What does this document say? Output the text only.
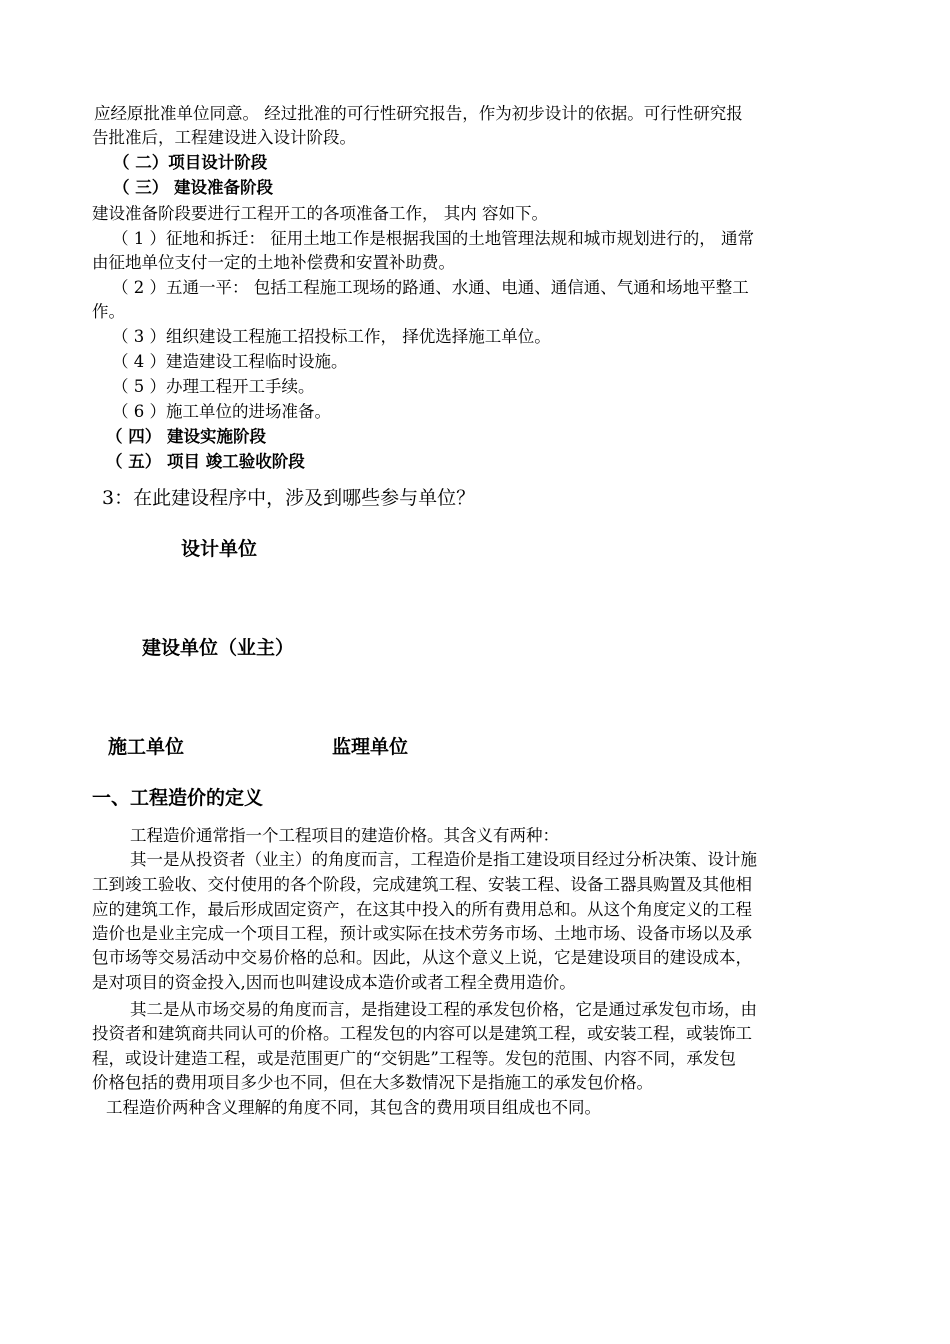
应经原批准单位同意。 经过批准的可行性研究报告，作为初步设计的依据。可行性研究报
告批准后，工程建设进入设计阶段。
（ 二）项目设计阶段
（ 三） 建设准备阶段
建设准备阶段要进行工程开工的各项准备工作， 其内 容如下。
（ 1 ）征地和拆迁： 征用土地工作是根据我国的土地管理法规和城市规划进行的， 通常
由征地单位支付一定的土地补偿费和安置补助费。
（ 2 ）五通一平： 包括工程施工现场的路通、水通、电通、通信通、气通和场地平整工
作。
（ 3 ）组织建设工程施工招投标工作， 择优选择施工单位。
（ 4 ）建造建设工程临时设施。
（ 5 ）办理工程开工手续。
（ 6 ）施工单位的进场准备。
（ 四） 建设实施阶段
（ 五） 项目 竣工验收阶段
3：在此建设程序中，涉及到哪些参与单位？
设计单位
建设单位（业主）
施工单位	监理单位
一、工程造价的定义
工程造价通常指一个工程项目的建造价格。其含义有两种：
其一是从投资者（业主）的角度而言，工程造价是指工建设项目经过分析决策、设计施
工到竣工验收、交付使用的各个阶段，完成建筑工程、安装工程、设备工器具购置及其他相
应的建筑工作，最后形成固定资产，在这其中投入的所有费用总和。从这个角度定义的工程
造价也是业主完成一个项目工程，预计或实际在技术劳务市场、土地市场、设备市场以及承
包市场等交易活动中交易价格的总和。因此，从这个意义上说，它是建设项目的建设成本，
是对项目的资金投入,因而也叫建设成本造价或者工程全费用造价。
其二是从市场交易的角度而言，是指建设工程的承发包价格，它是通过承发包市场，由
投资者和建筑商共同认可的价格。工程发包的内容可以是建筑工程，或安装工程，或装饰工
程，或设计建造工程，或是范围更广的“交钥匙”工程等。发包的范围、内容不同，承发包
价格包括的费用项目多少也不同，但在大多数情况下是指施工的承发包价格。
工程造价两种含义理解的角度不同，其包含的费用项目组成也不同。
